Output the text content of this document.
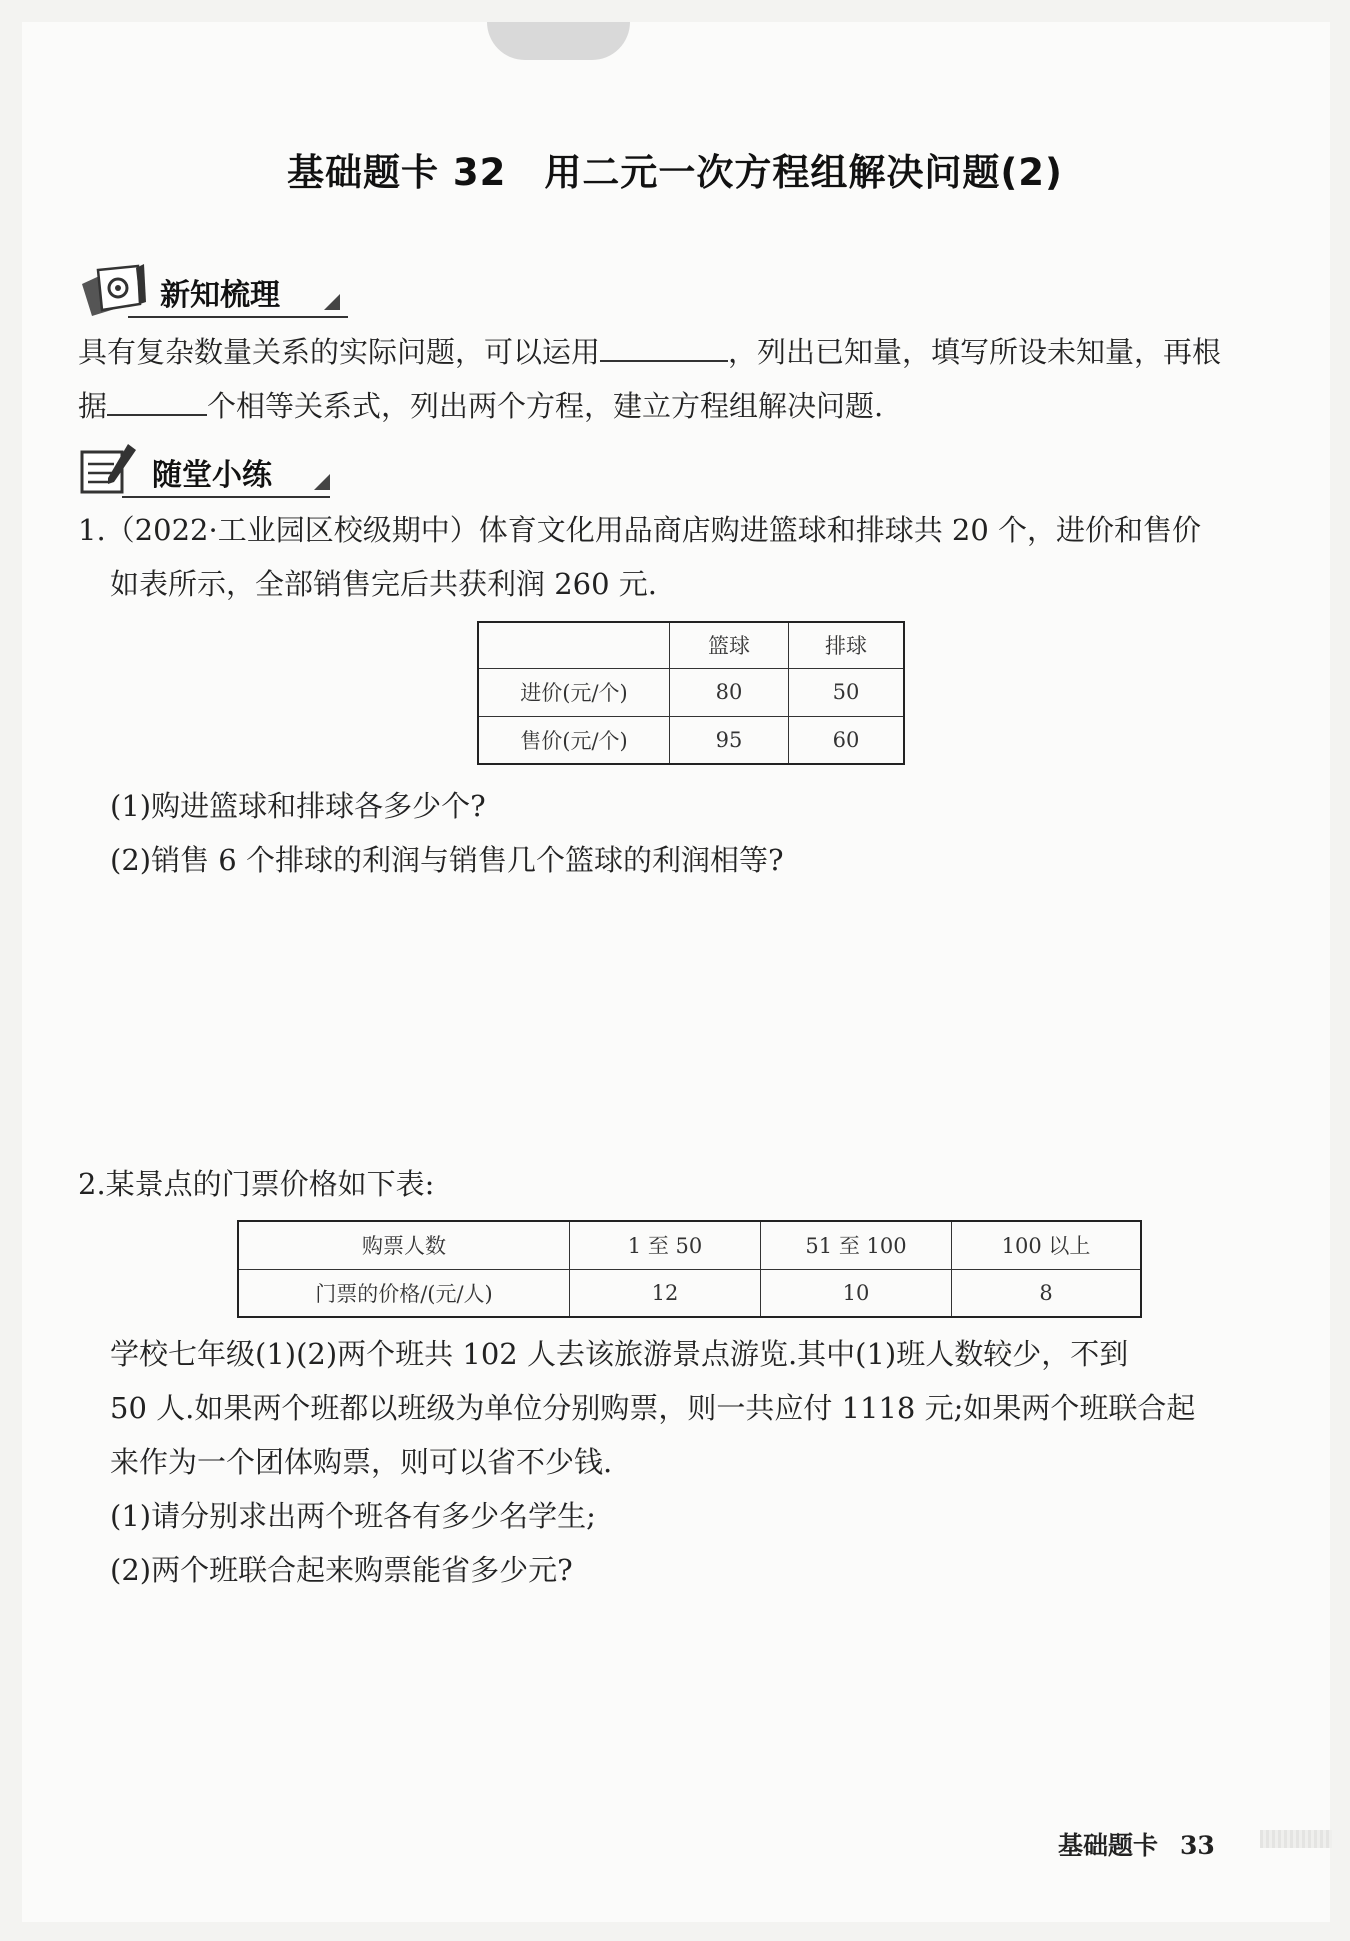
基础题卡 32　用二元一次方程组解决问题(2)
新知梳理
具有复杂数量关系的实际问题，可以运用	，列出已知量，填写所设未知量，再根
据	个相等关系式，列出两个方程，建立方程组解决问题.
随堂小练
1.（2022·工业园区校级期中）体育文化用品商店购进篮球和排球共 20 个，进价和售价
如表所示，全部销售完后共获利润 260 元.
	篮球	排球
进价(元/个)	80	50
售价(元/个)	95	60
(1)购进篮球和排球各多少个?
(2)销售 6 个排球的利润与销售几个篮球的利润相等?
2.某景点的门票价格如下表:
购票人数	1 至 50	51 至 100	100 以上
门票的价格/(元/人)	12	10	8
学校七年级(1)(2)两个班共 102 人去该旅游景点游览.其中(1)班人数较少，不到
50 人.如果两个班都以班级为单位分别购票，则一共应付 1118 元;如果两个班联合起
来作为一个团体购票，则可以省不少钱.
(1)请分别求出两个班各有多少名学生;
(2)两个班联合起来购票能省多少元?
基础题卡 33
